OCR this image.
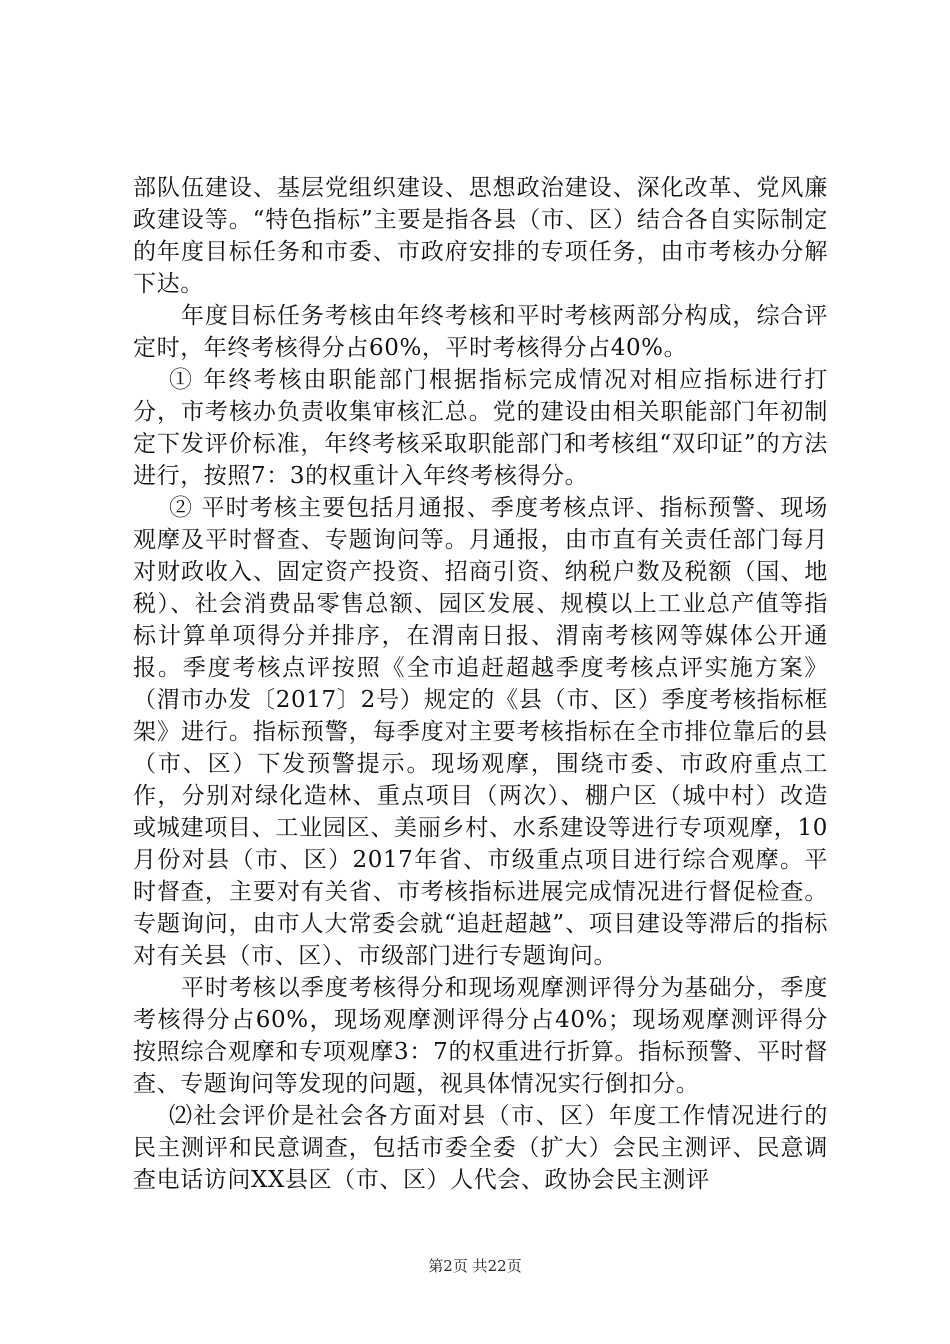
部队伍建设、基层党组织建设、思想政治建设、深化改革、党风廉政建设等。“特色指标”主要是指各县（市、区）结合各自实际制定的年度目标任务和市委、市政府安排的专项任务，由市考核办分解下达。

年度目标任务考核由年终考核和平时考核两部分构成，综合评定时，年终考核得分占60%，平时考核得分占40%。

① 年终考核由职能部门根据指标完成情况对相应指标进行打分，市考核办负责收集审核汇总。党的建设由相关职能部门年初制定下发评价标准，年终考核采取职能部门和考核组“双印证”的方法进行，按照7：3的权重计入年终考核得分。

② 平时考核主要包括月通报、季度考核点评、指标预警、现场观摩及平时督查、专题询问等。月通报，由市直有关责任部门每月对财政收入、固定资产投资、招商引资、纳税户数及税额（国、地税）、社会消费品零售总额、园区发展、规模以上工业总产值等指标计算单项得分并排序，在渭南日报、渭南考核网等媒体公开通报。季度考核点评按照《全市追赶超越季度考核点评实施方案》（渭市办发〔2017〕2号）规定的《县（市、区）季度考核指标框架》进行。指标预警，每季度对主要考核指标在全市排位靠后的县（市、区）下发预警提示。现场观摩，围绕市委、市政府重点工作，分别对绿化造林、重点项目（两次）、棚户区（城中村）改造或城建项目、工业园区、美丽乡村、水系建设等进行专项观摩，10月份对县（市、区）2017年省、市级重点项目进行综合观摩。平时督查，主要对有关省、市考核指标进展完成情况进行督促检查。专题询问，由市人大常委会就“追赶超越”、项目建设等滞后的指标对有关县（市、区）、市级部门进行专题询问。

平时考核以季度考核得分和现场观摩测评得分为基础分，季度考核得分占60%，现场观摩测评得分占40%；现场观摩测评得分按照综合观摩和专项观摩3：7的权重进行折算。指标预警、平时督查、专题询问等发现的问题，视具体情况实行倒扣分。

⑵社会评价是社会各方面对县（市、区）年度工作情况进行的民主测评和民意调查，包括市委全委（扩大）会民主测评、民意调查电话访问XX县区（市、区）人代会、政协会民主测评

第2页 共22页
